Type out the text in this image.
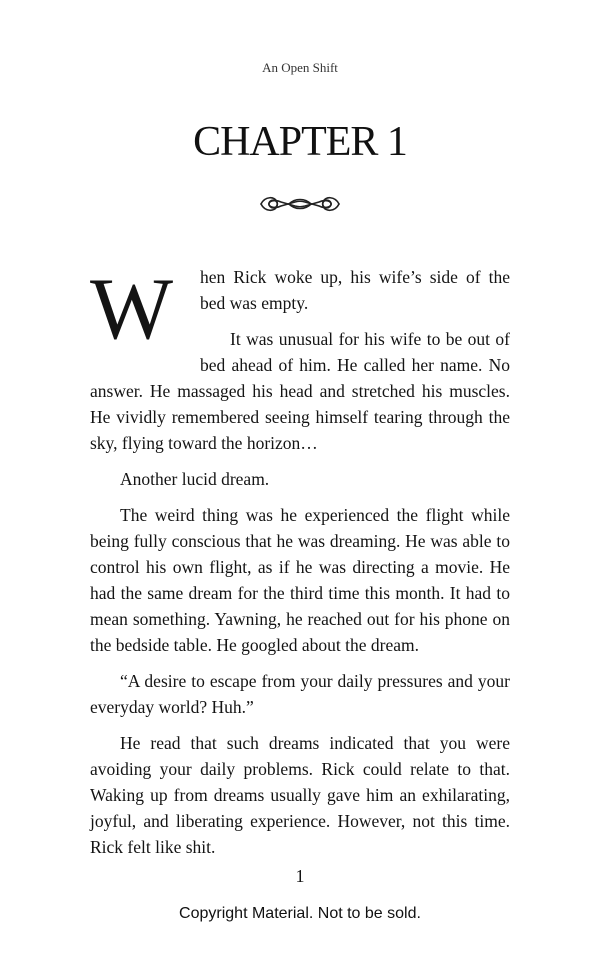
An Open Shift
CHAPTER 1

W	hen Rick woke up, his wife’s side of the bed was empty.

It was unusual for his wife to be out of bed ahead of him. He called her name. No answer. He massaged his head and stretched his muscles. He vividly remembered seeing himself tearing through the sky, flying toward the horizon…

Another lucid dream.

The weird thing was he experienced the flight while being fully conscious that he was dreaming. He was able to control his own flight, as if he was directing a movie. He had the same dream for the third time this month. It had to mean something. Yawning, he reached out for his phone on the bedside table. He googled about the dream.

“A desire to escape from your daily pressures and your everyday world? Huh.”

He read that such dreams indicated that you were avoiding your daily problems. Rick could relate to that. Waking up from dreams usually gave him an exhilarating, joyful, and liberating experience. However, not this time. Rick felt like shit.

1
Copyright Material. Not to be sold.
